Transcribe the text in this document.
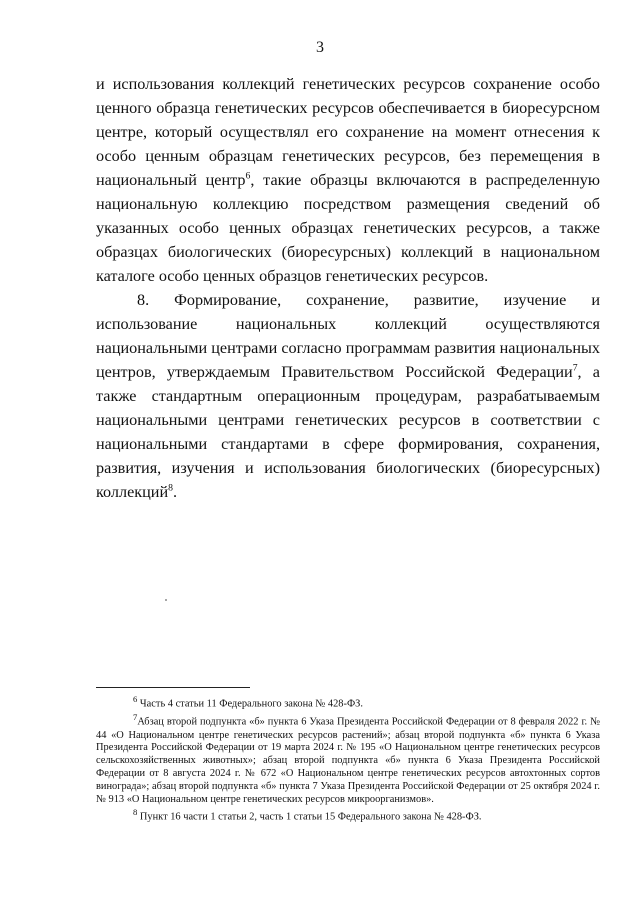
3

и использования коллекций генетических ресурсов сохранение особо ценного образца генетических ресурсов обеспечивается в биоресурсном центре, который осуществлял его сохранение на момент отнесения к особо ценным образцам генетических ресурсов, без перемещения в национальный центр$^6$, такие образцы включаются в распределенную национальную коллекцию посредством размещения сведений об указанных особо ценных образцах генетических ресурсов, а также образцах биологических (биоресурсных) коллекций в национальном каталоге особо ценных образцов генетических ресурсов.

8. Формирование, сохранение, развитие, изучение и использование национальных коллекций осуществляются национальными центрами согласно программам развития национальных центров, утверждаемым Правительством Российской Федерации$^7$, а также стандартным операционным процедурам, разрабатываемым национальными центрами генетических ресурсов в соответствии с национальными стандартами в сфере формирования, сохранения, развития, изучения и использования биологических (биоресурсных) коллекций$^8$.

$^6$ Часть 4 статьи 11 Федерального закона № 428-ФЗ.

$^7$Абзац второй подпункта «б» пункта 6 Указа Президента Российской Федерации от 8 февраля 2022 г. № 44 «О Национальном центре генетических ресурсов растений»; абзац второй подпункта «б» пункта 6 Указа Президента Российской Федерации от 19 марта 2024 г. № 195 «О Национальном центре генетических ресурсов сельскохозяйственных животных»; абзац второй подпункта «б» пункта 6 Указа Президента Российской Федерации от 8 августа 2024 г. № 672 «О Национальном центре генетических ресурсов автохтонных сортов винограда»; абзац второй подпункта «б» пункта 7 Указа Президента Российской Федерации от 25 октября 2024 г. № 913 «О Национальном центре генетических ресурсов микроорганизмов».

$^8$ Пункт 16 части 1 статьи 2, часть 1 статьи 15 Федерального закона № 428-ФЗ.
